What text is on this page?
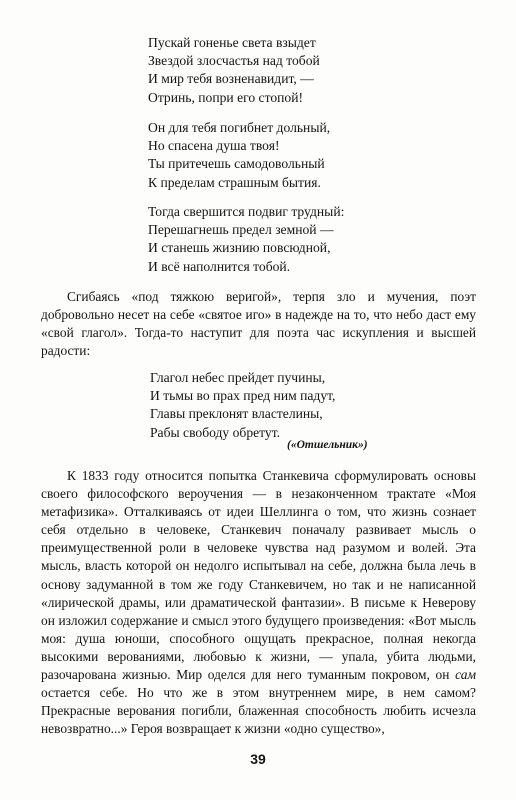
Пускай гоненье света взыдет
Звездой злосчастья над тобой
И мир тебя возненавидит, —
Отринь, попри его стопой!
Он для тебя погибнет дольный,
Но спасена душа твоя!
Ты притечешь самодовольный
К пределам страшным бытия.
Тогда свершится подвиг трудный:
Перешагнешь предел земной —
И станешь жизнию повсюдной,
И всё наполнится тобой.

Сгибаясь «под тяжкою веригой», терпя зло и мучения, поэт добровольно несет на себе «святое иго» в надежде на то, что небо даст ему «свой глагол». Тогда-то наступит для поэта час искупления и высшей радости:

Глагол небес прейдет пучины,
И тьмы во прах пред ним падут,
Главы преклонят властелины,
Рабы свободу обретут.
(«Отшельник»)

К 1833 году относится попытка Станкевича сформулировать основы своего философского вероучения — в незаконченном трактате «Моя метафизика». Отталкиваясь от идеи Шеллинга о том, что жизнь сознает себя отдельно в человеке, Станкевич поначалу развивает мысль о преимущественной роли в человеке чувства над разумом и волей. Эта мысль, власть которой он недолго испытывал на себе, должна была лечь в основу задуманной в том же году Станкевичем, но так и не написанной «лирической драмы, или драматической фантазии». В письме к Неверову он изложил содержание и смысл этого будущего произведения: «Вот мысль моя: душа юноши, способного ощущать прекрасное, полная некогда высокими верованиями, любовью к жизни, — упала, убита людьми, разочарована жизнью. Мир оделся для него туманным покровом, он сам остается себе. Но что же в этом внутреннем мире, в нем самом? Прекрасные верования погибли, блаженная способность любить исчезла невозвратно...» Героя возвращает к жизни «одно существо»,

39
